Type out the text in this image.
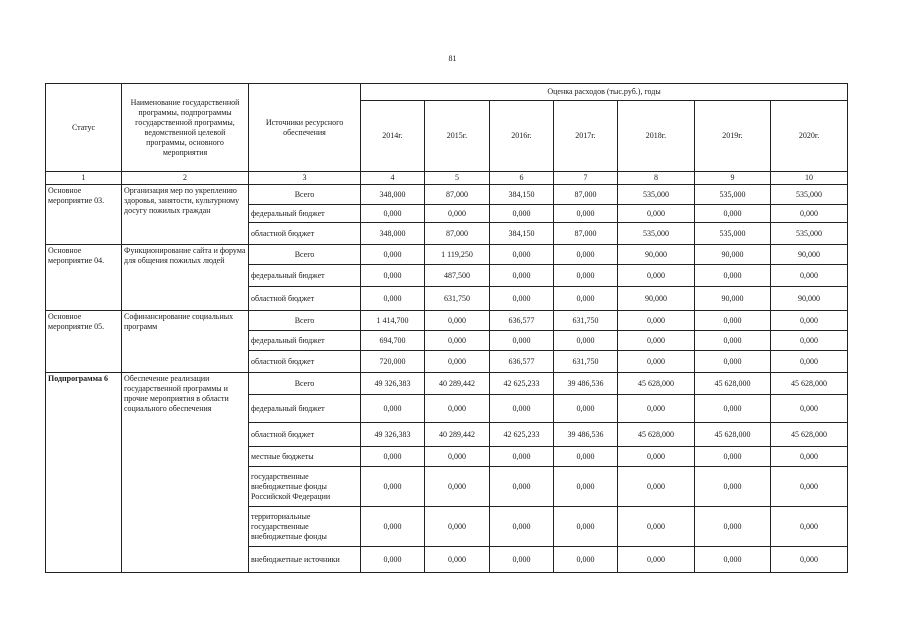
81
Статус	Наименование государственной программы, подпрограммы государственной программы, ведомственной целевой программы, основного мероприятия	Источники ресурсного обеспечения	Оценка расходов (тыс.руб.), годы						
			2014г.	2015г.	2016г.	2017г.	2018г.	2019г.	2020г.
1	2	3	4	5	6	7	8	9	10
Основное мероприятие 03.	Организация мер по укреплению здоровья, занятости, культурному досугу пожилых граждан	Всего	348,000	87,000	384,150	87,000	535,000	535,000	535,000
		федеральный бюджет	0,000	0,000	0,000	0,000	0,000	0,000	0,000
		областной бюджет	348,000	87,000	384,150	87,000	535,000	535,000	535,000
Основное мероприятие 04.	Функционирование сайта и форума для общения пожилых людей	Всего	0,000	1 119,250	0,000	0,000	90,000	90,000	90,000
		федеральный бюджет	0,000	487,500	0,000	0,000	0,000	0,000	0,000
		областной бюджет	0,000	631,750	0,000	0,000	90,000	90,000	90,000
Основное мероприятие 05.	Софинансирование социальных программ	Всего	1 414,700	0,000	636,577	631,750	0,000	0,000	0,000
		федеральный бюджет	694,700	0,000	0,000	0,000	0,000	0,000	0,000
		областной бюджет	720,000	0,000	636,577	631,750	0,000	0,000	0,000
Подпрограмма 6	Обеспечение реализации государственной программы и прочие мероприятия в области социального обеспечения	Всего	49 326,383	40 289,442	42 625,233	39 486,536	45 628,000	45 628,000	45 628,000
		федеральный бюджет	0,000	0,000	0,000	0,000	0,000	0,000	0,000
		областной бюджет	49 326,383	40 289,442	42 625,233	39 486,536	45 628,000	45 628,000	45 628,000
		местные бюджеты	0,000	0,000	0,000	0,000	0,000	0,000	0,000
		государственные внебюджетные фонды Российской Федерации	0,000	0,000	0,000	0,000	0,000	0,000	0,000
		территориальные государственные внебюджетные фонды	0,000	0,000	0,000	0,000	0,000	0,000	0,000
		внебюджетные источники	0,000	0,000	0,000	0,000	0,000	0,000	0,000
